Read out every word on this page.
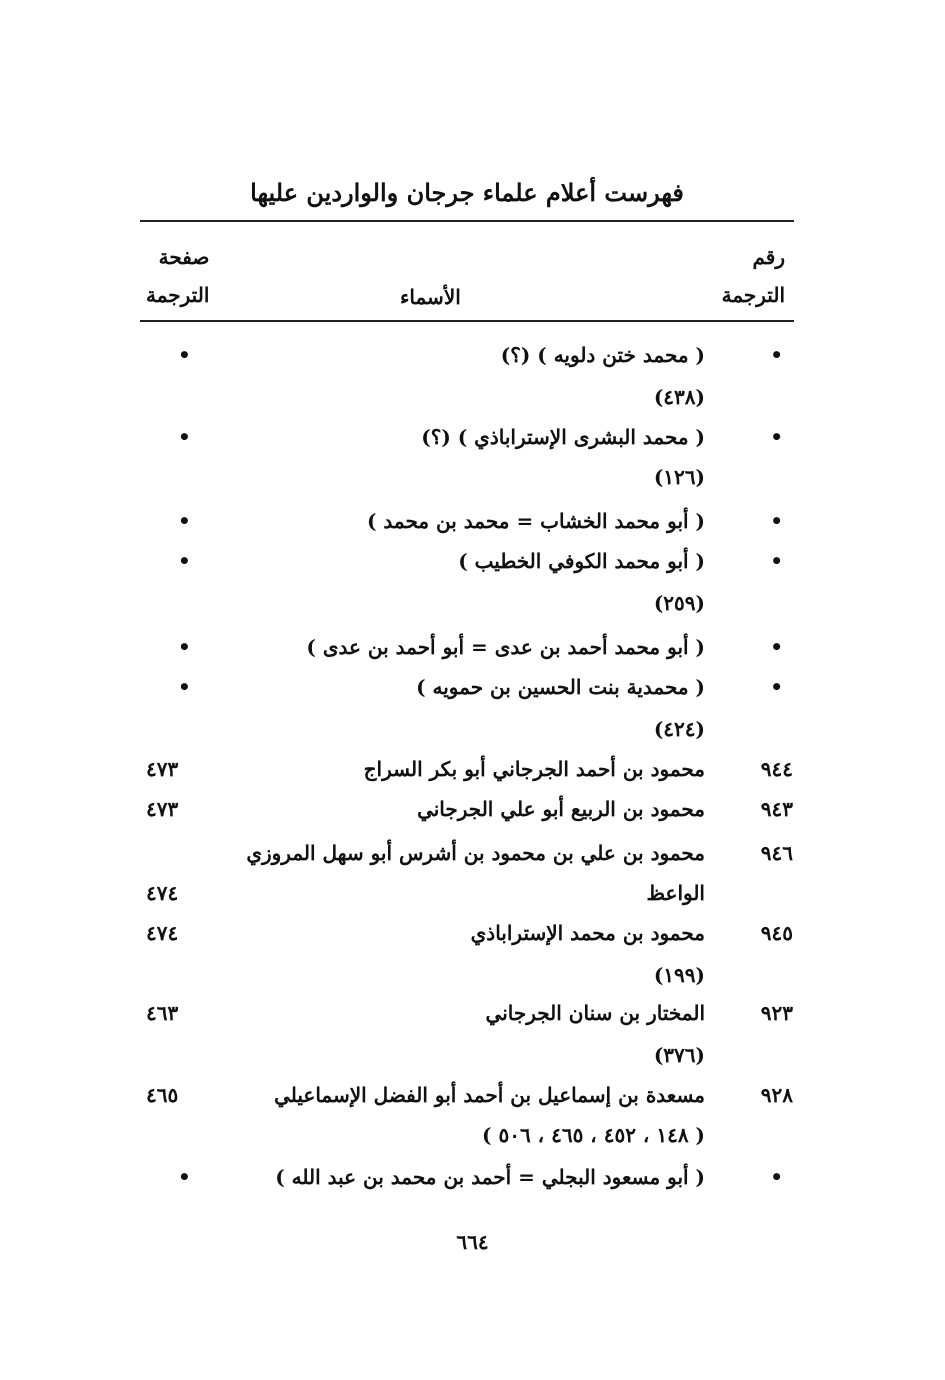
فهرست أعلام علماء جرجان والواردين عليها
رقم
الترجمة
الأسماء
صفحة
الترجمة
•
( محمد ختن دلويه ) (؟)
•
(٤٣٨)
•
( محمد البشرى الإستراباذي ) (؟)
•
(١٢٦)
•
( أبو محمد الخشاب = محمد بن محمد )
•
•
( أبو محمد الكوفي الخطيب )
•
(٢٥٩)
•
( أبو محمد أحمد بن عدى = أبو أحمد بن عدى )
•
•
( محمدية بنت الحسين بن حمويه )
•
(٤٢٤)
٩٤٤
محمود بن أحمد الجرجاني أبو بكر السراج
٤٧٣
٩٤٣
محمود بن الربيع أبو علي الجرجاني
٤٧٣
٩٤٦
محمود بن علي بن محمود بن أشرس أبو سهل المروزي
الواعظ
٤٧٤
٩٤٥
محمود بن محمد الإستراباذي
٤٧٤
(١٩٩)
٩٢٣
المختار بن سنان الجرجاني
٤٦٣
(٣٧٦)
٩٢٨
مسعدة بن إسماعيل بن أحمد أبو الفضل الإسماعيلي
٤٦٥
( ١٤٨ ، ٤٥٢ ، ٤٦٥ ، ٥٠٦ )
•
( أبو مسعود البجلي = أحمد بن محمد بن عبد الله )
•
٦٦٤
